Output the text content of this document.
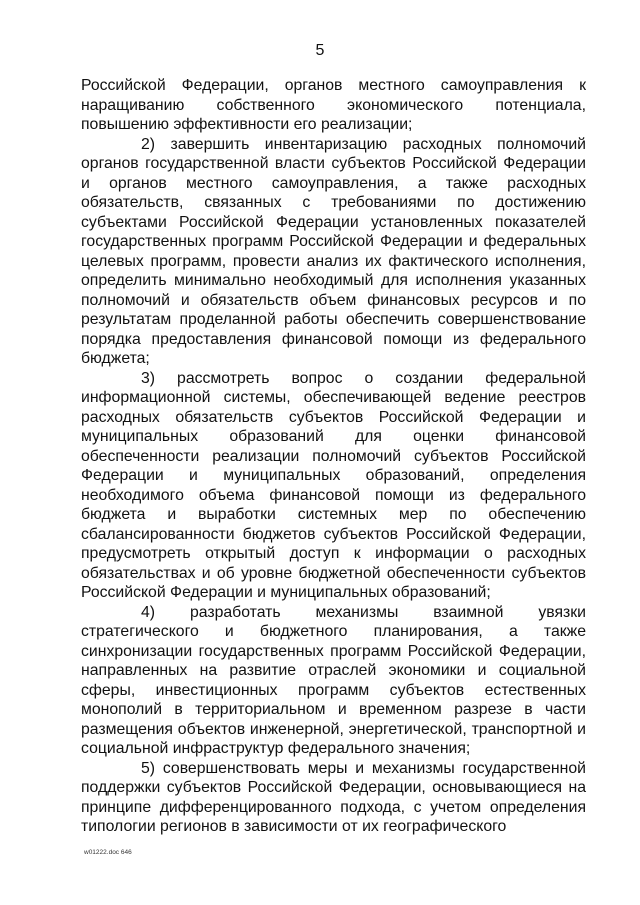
5

Российской Федерации, органов местного самоуправления к наращиванию собственного экономического потенциала, повышению эффективности его реализации;

2) завершить инвентаризацию расходных полномочий органов государственной власти субъектов Российской Федерации и органов местного самоуправления, а также расходных обязательств, связанных с требованиями по достижению субъектами Российской Федерации установленных показателей государственных программ Российской Федерации и федеральных целевых программ, провести анализ их фактического исполнения, определить минимально необходимый для исполнения указанных полномочий и обязательств объем финансовых ресурсов и по результатам проделанной работы обеспечить совершенствование порядка предоставления финансовой помощи из федерального бюджета;

3) рассмотреть вопрос о создании федеральной информационной системы, обеспечивающей ведение реестров расходных обязательств субъектов Российской Федерации и муниципальных образований для оценки финансовой обеспеченности реализации полномочий субъектов Российской Федерации и муниципальных образований, определения необходимого объема финансовой помощи из федерального бюджета и выработки системных мер по обеспечению сбалансированности бюджетов субъектов Российской Федерации, предусмотреть открытый доступ к информации о расходных обязательствах и об уровне бюджетной обеспеченности субъектов Российской Федерации и муниципальных образований;

4) разработать механизмы взаимной увязки стратегического и бюджетного планирования, а также синхронизации государственных программ Российской Федерации, направленных на развитие отраслей экономики и социальной сферы, инвестиционных программ субъектов естественных монополий в территориальном и временном разрезе в части размещения объектов инженерной, энергетической, транспортной и социальной инфраструктур федерального значения;

5) совершенствовать меры и механизмы государственной поддержки субъектов Российской Федерации, основывающиеся на принципе дифференцированного подхода, с учетом определения типологии регионов в зависимости от их географического

w01222.doc 646
